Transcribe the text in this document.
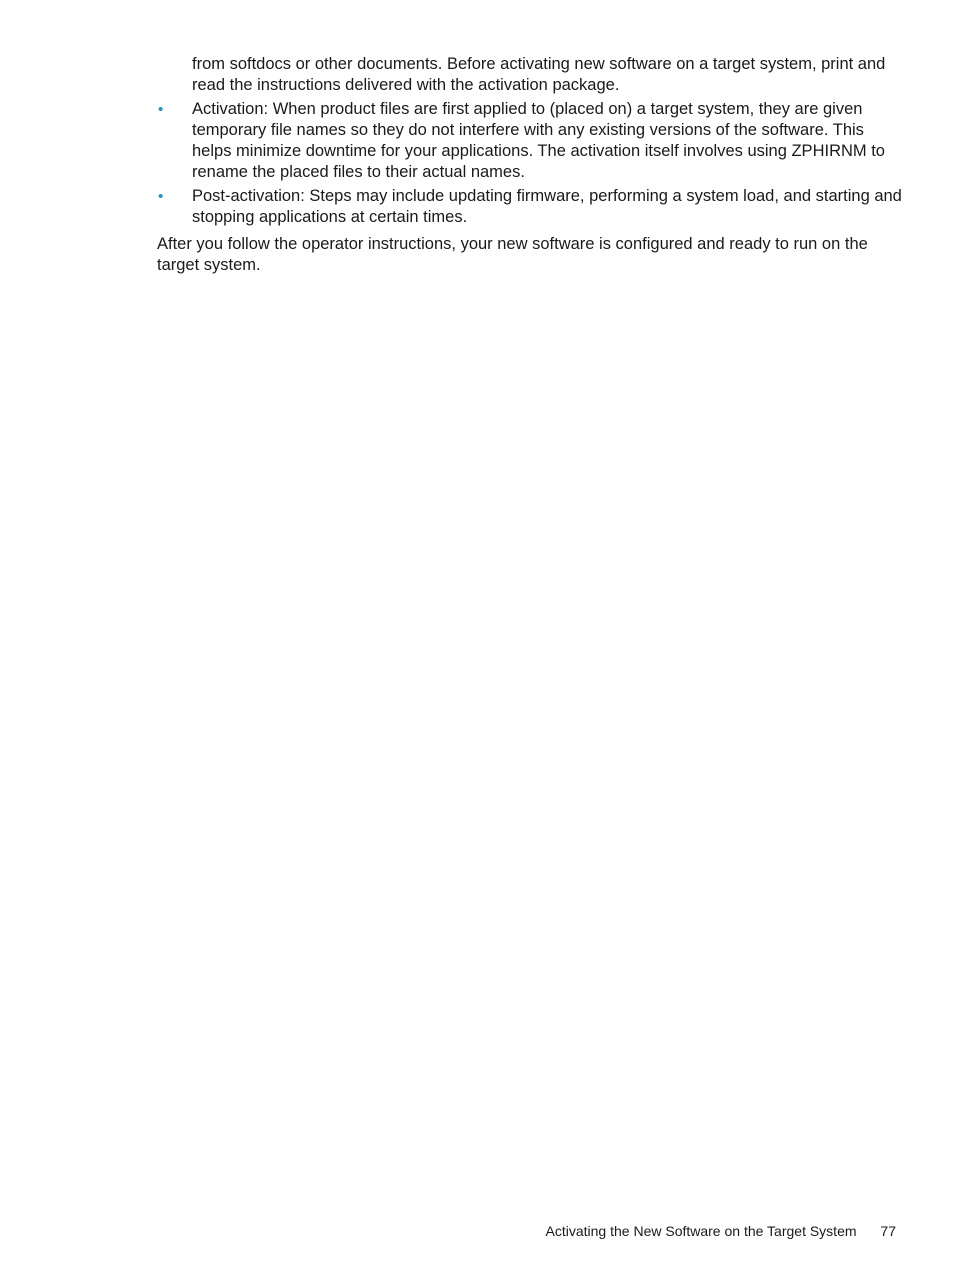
from softdocs or other documents. Before activating new software on a target system, print and read the instructions delivered with the activation package.

• Activation: When product files are first applied to (placed on) a target system, they are given temporary file names so they do not interfere with any existing versions of the software. This helps minimize downtime for your applications. The activation itself involves using ZPHIRNM to rename the placed files to their actual names.
• Post-activation: Steps may include updating firmware, performing a system load, and starting and stopping applications at certain times.

After you follow the operator instructions, your new software is configured and ready to run on the target system.

Activating the New Software on the Target System 77
